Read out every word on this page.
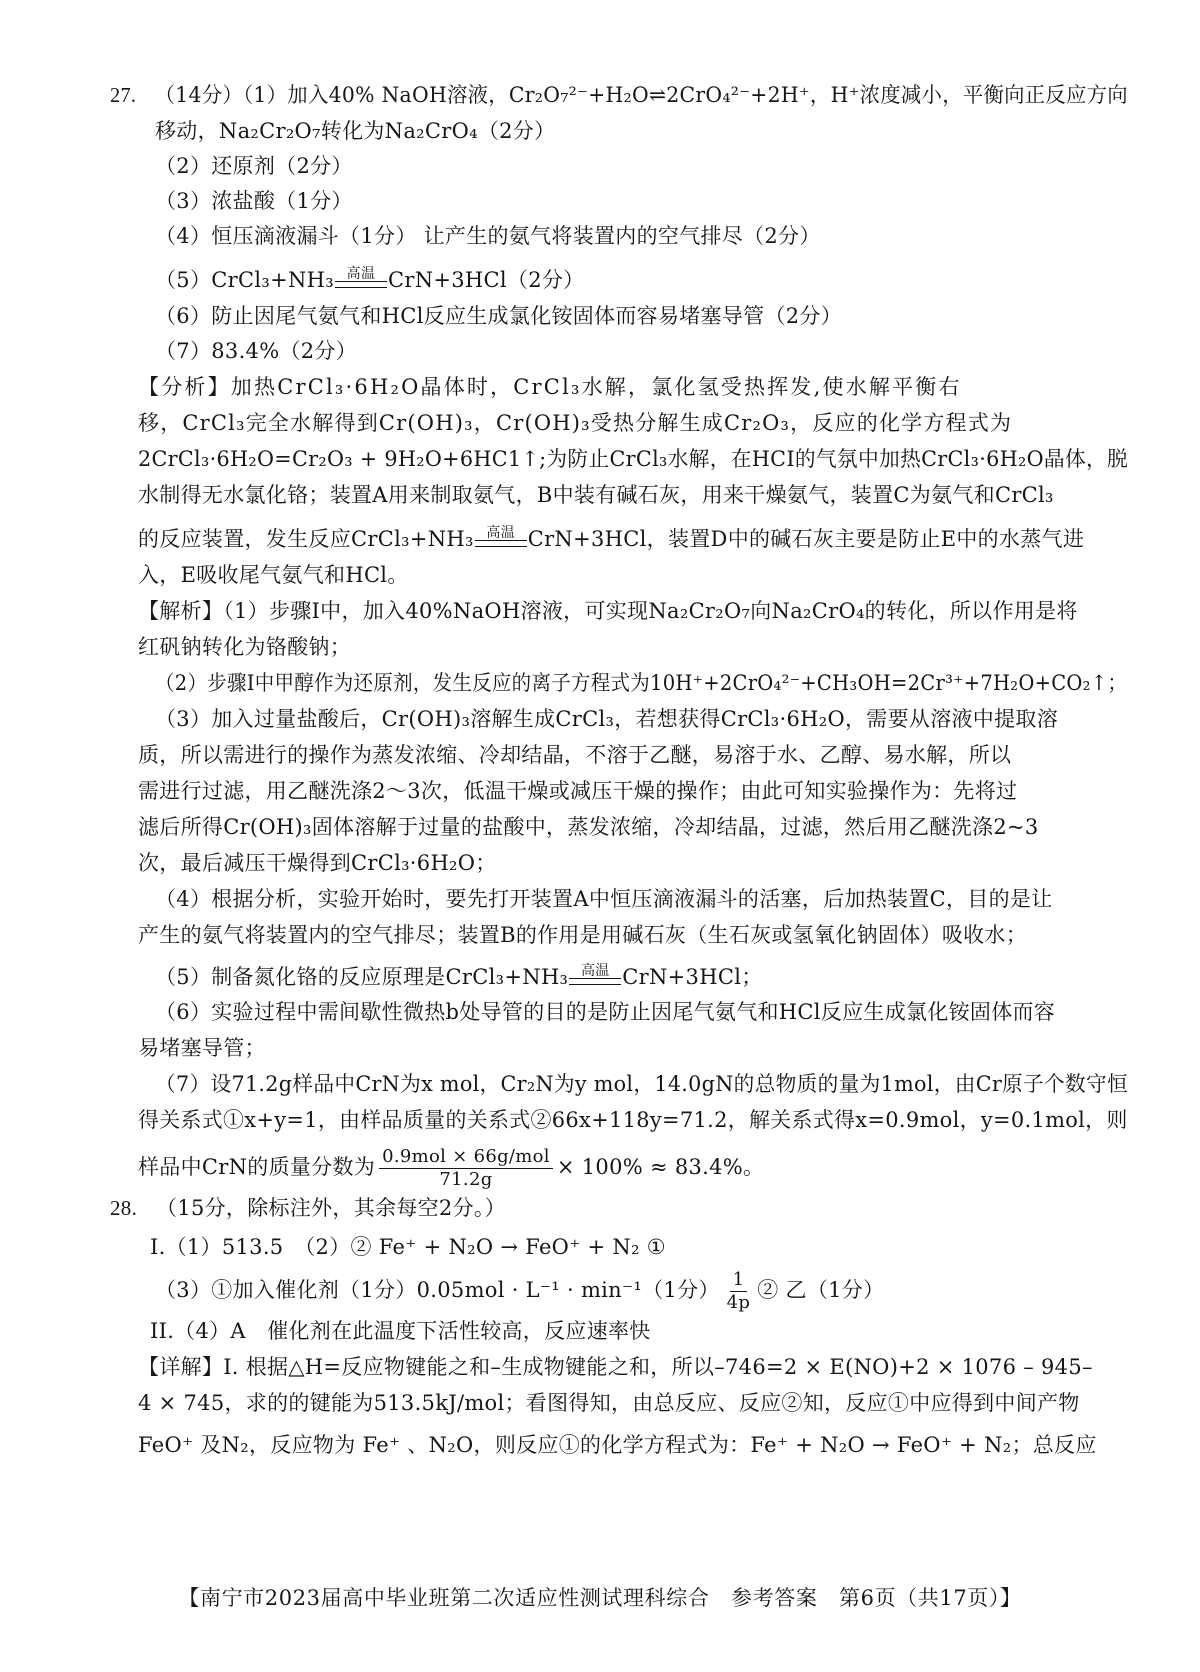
27. （14分）（1）加入40% NaOH溶液，Cr₂O₇²⁻+H₂O⇌2CrO₄²⁻+2H⁺，H⁺浓度减小，平衡向正反应方向
移动，Na₂Cr₂O₇转化为Na₂CrO₄（2分）
（2）还原剂（2分）
（3）浓盐酸（1分）
（4）恒压滴液漏斗（1分） 让产生的氨气将装置内的空气排尽（2分）
（5）CrCl₃+NH₃ 高温 CrN+3HCl（2分）
（6）防止因尾气氨气和HCl反应生成氯化铵固体而容易堵塞导管（2分）
（7）83.4%（2分）
【分析】加热CrCl₃·6H₂O晶体时，CrCl₃水解，氯化氢受热挥发,使水解平衡右
移，CrCl₃完全水解得到Cr(OH)₃，Cr(OH)₃受热分解生成Cr₂O₃，反应的化学方程式为
2CrCl₃·6H₂O=Cr₂O₃ + 9H₂O+6HC1↑;为防止CrCl₃水解，在HCI的气氛中加热CrCl₃·6H₂O晶体，脱
水制得无水氯化铬；装置A用来制取氨气，B中装有碱石灰，用来干燥氨气，装置C为氨气和CrCl₃
的反应装置，发生反应CrCl₃+NH₃ 高温 CrN+3HCl，装置D中的碱石灰主要是防止E中的水蒸气进
入，E吸收尾气氨气和HCl。
【解析】（1）步骤Ⅰ中，加入40%NaOH溶液，可实现Na₂Cr₂O₇向Na₂CrO₄的转化，所以作用是将
红矾钠转化为铬酸钠；
（2）步骤I中甲醇作为还原剂，发生反应的离子方程式为10H⁺+2CrO₄²⁻+CH₃OH=2Cr³⁺+7H₂O+CO₂↑；
（3）加入过量盐酸后，Cr(OH)₃溶解生成CrCl₃，若想获得CrCl₃·6H₂O，需要从溶液中提取溶
质，所以需进行的操作为蒸发浓缩、冷却结晶，不溶于乙醚，易溶于水、乙醇、易水解，所以
需进行过滤，用乙醚洗涤2～3次，低温干燥或减压干燥的操作；由此可知实验操作为：先将过
滤后所得Cr(OH)₃固体溶解于过量的盐酸中，蒸发浓缩，冷却结晶，过滤，然后用乙醚洗涤2~3
次，最后减压干燥得到CrCl₃·6H₂O；
（4）根据分析，实验开始时，要先打开装置A中恒压滴液漏斗的活塞，后加热装置C，目的是让
产生的氨气将装置内的空气排尽；装置B的作用是用碱石灰（生石灰或氢氧化钠固体）吸收水；
（5）制备氮化铬的反应原理是CrCl₃+NH₃ 高温 CrN+3HCl；
（6）实验过程中需间歇性微热b处导管的目的是防止因尾气氨气和HCl反应生成氯化铵固体而容
易堵塞导管；
（7）设71.2g样品中CrN为x mol，Cr₂N为y mol，14.0gN的总物质的量为1mol，由Cr原子个数守恒
得关系式①x+y=1，由样品质量的关系式②66x+118y=71.2，解关系式得x=0.9mol，y=0.1mol，则
样品中CrN的质量分数为 $\frac{\text{0.9mol × 66g/mol}}{71.2g} \times 100\% \approx 83.4\%$。
28. （15分，除标注外，其余每空2分。）
I.（1）513.5　（2）② Fe⁺ + N₂O → FeO⁺ + N₂ ①
（3）①加入催化剂（1分）0.05mol · L⁻¹ · min⁻¹（1分） $\frac{1}{4p}$ ② 乙（1分）
II.（4）A　催化剂在此温度下活性较高，反应速率快
【详解】I. 根据△H=反应物键能之和–生成物键能之和，所以–746=2 × E(NO)+2 × 1076 – 945–
4 × 745，求的的键能为513.5kJ/mol；看图得知，由总反应、反应②知，反应①中应得到中间产物
FeO⁺ 及N₂，反应物为 Fe⁺ 、N₂O，则反应①的化学方程式为：Fe⁺ + N₂O → FeO⁺ + N₂；总反应
【南宁市2023届高中毕业班第二次适应性测试理科综合　参考答案　第6页（共17页）】
